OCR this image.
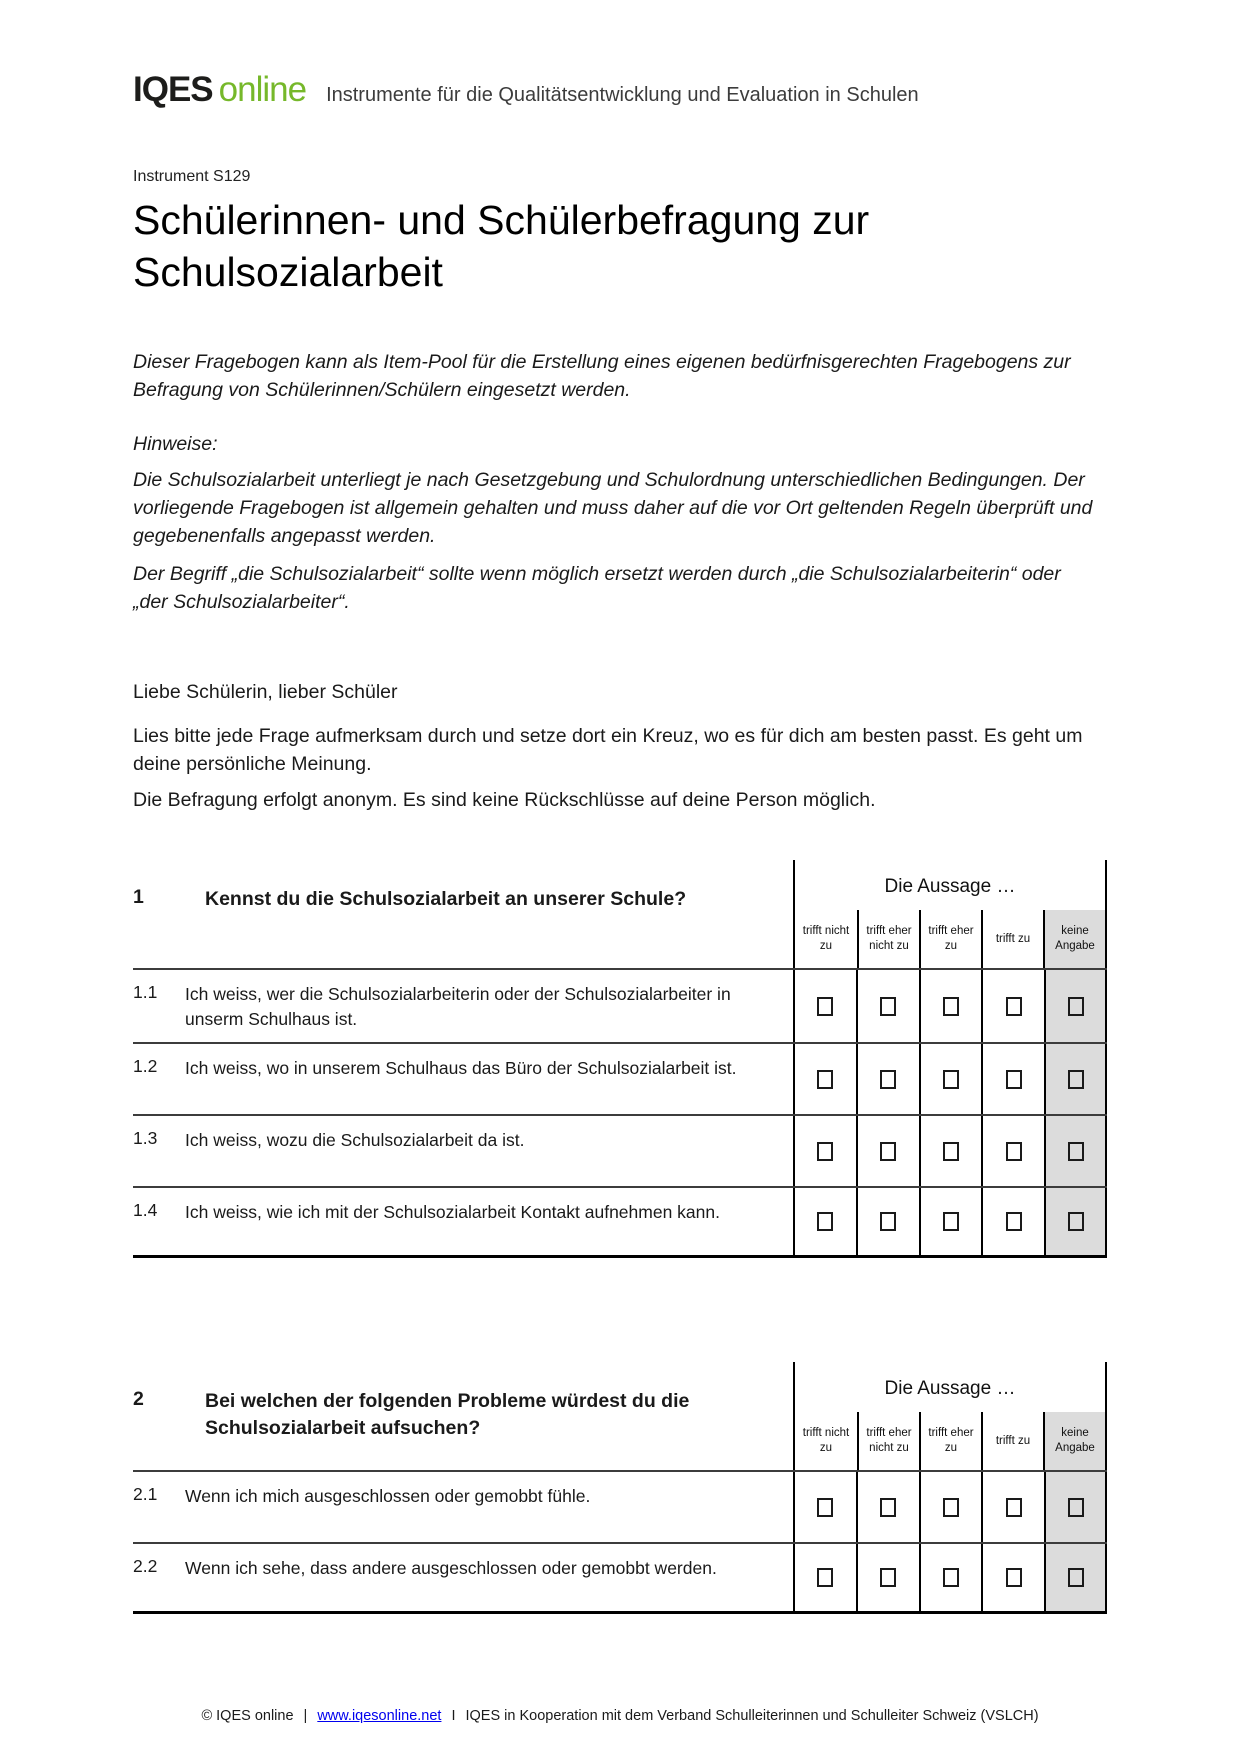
IQES online Instrumente für die Qualitätsentwicklung und Evaluation in Schulen
Instrument S129
Schülerinnen- und Schülerbefragung zur Schulsozialarbeit

Dieser Fragebogen kann als Item-Pool für die Erstellung eines eigenen bedürfnisgerechten Fragebogens zur Befragung von Schülerinnen/Schülern eingesetzt werden.

Hinweise:

Die Schulsozialarbeit unterliegt je nach Gesetzgebung und Schulordnung unterschiedlichen Bedingungen. Der vorliegende Fragebogen ist allgemein gehalten und muss daher auf die vor Ort geltenden Regeln überprüft und gegebenenfalls angepasst werden.

Der Begriff „die Schulsozialarbeit“ sollte wenn möglich ersetzt werden durch „die Schulsozialarbeiterin“ oder „der Schulsozialarbeiter“.

Liebe Schülerin, lieber Schüler

Lies bitte jede Frage aufmerksam durch und setze dort ein Kreuz, wo es für dich am besten passt. Es geht um deine persönliche Meinung.

Die Befragung erfolgt anonym. Es sind keine Rückschlüsse auf deine Person möglich.

1	Kennst du die Schulsozialarbeit an unserer Schule?
Die Aussage …
trifft nicht zu
trifft eher nicht zu
trifft eher zu
trifft zu
keine Angabe
1.1	Ich weiss, wer die Schulsozialarbeiterin oder der Schulsozialarbeiter in unserm Schulhaus ist.
1.2	Ich weiss, wo in unserem Schulhaus das Büro der Schulsozialarbeit ist.
1.3	Ich weiss, wozu die Schulsozialarbeit da ist.
1.4	Ich weiss, wie ich mit der Schulsozialarbeit Kontakt aufnehmen kann.
2	Bei welchen der folgenden Probleme würdest du die Schulsozialarbeit aufsuchen?
Die Aussage …
trifft nicht zu
trifft eher nicht zu
trifft eher zu
trifft zu
keine Angabe
2.1	Wenn ich mich ausgeschlossen oder gemobbt fühle.
2.2	Wenn ich sehe, dass andere ausgeschlossen oder gemobbt werden.
© IQES online | www.iqesonline.net I IQES in Kooperation mit dem Verband Schulleiterinnen und Schulleiter Schweiz (VSLCH)
